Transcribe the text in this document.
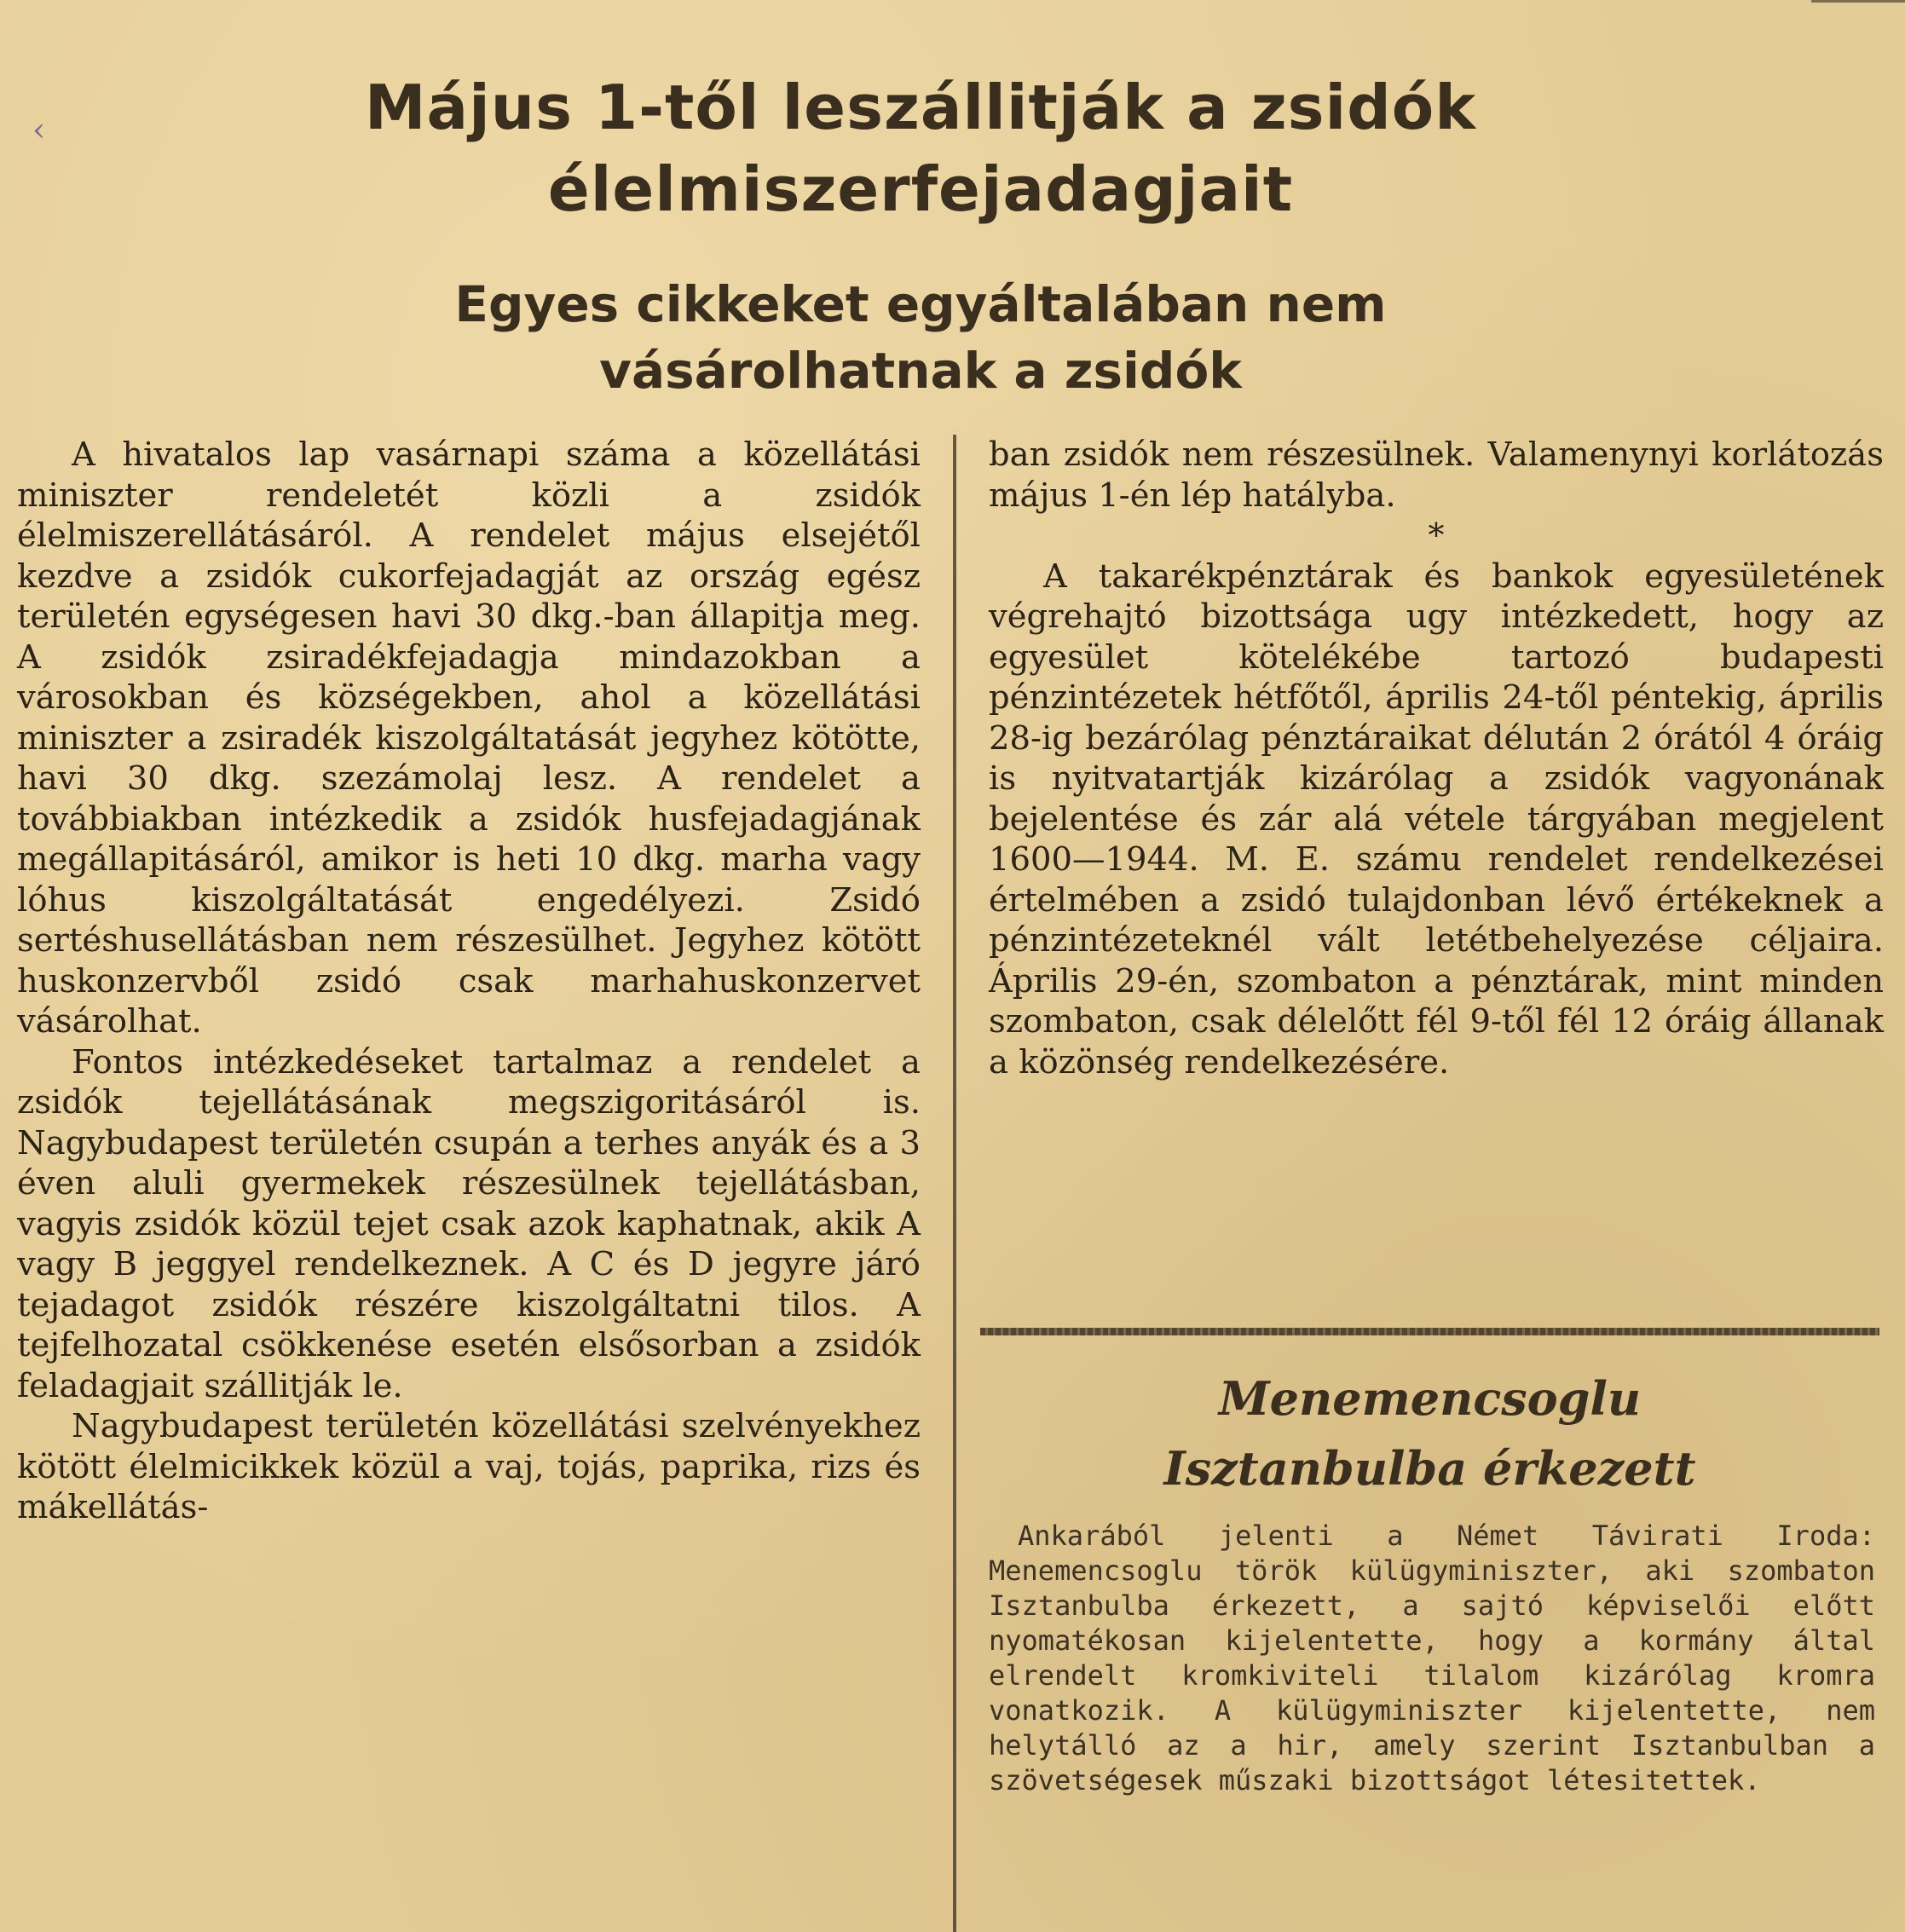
‹	Május 1-től leszállitják a zsidók
élelmiszerfejadagjait
Egyes cikkeket egyáltalában nem
vásárolhatnak a zsidók

A hivatalos lap vasárnapi száma a közellátási miniszter rendeletét közli a zsidók élelmiszerellátásáról. A rendelet május elsejétől kezdve a zsidók cukorfejadagját az ország egész területén egységesen havi 30 dkg.-ban állapitja meg. A zsidók zsiradékfejadagja mindazokban a városokban és községekben, ahol a közellátási miniszter a zsiradék kiszolgáltatását jegyhez kötötte, havi 30 dkg. szezámolaj lesz. A rendelet a továbbiakban intézkedik a zsidók husfejadagjának megállapitásáról, amikor is heti 10 dkg. marha vagy lóhus kiszolgáltatását engedélyezi. Zsidó sertéshusellátásban nem részesülhet. Jegyhez kötött huskonzervből zsidó csak marhahuskonzervet vásárolhat.

Fontos intézkedéseket tartalmaz a rendelet a zsidók tejellátásának megszigoritásáról is. Nagybudapest területén csupán a terhes anyák és a 3 éven aluli gyermekek részesülnek tejellátásban, vagyis zsidók közül tejet csak azok kaphatnak, akik A vagy B jeggyel rendelkeznek. A C és D jegyre járó tejadagot zsidók részére kiszolgáltatni tilos. A tejfelhozatal csökkenése esetén elsősorban a zsidók feladagjait szállitják le.

Nagybudapest területén közellátási szelvényekhez kötött élelmicikkek közül a vaj, tojás, paprika, rizs és mákellátás-

ban zsidók nem részesülnek. Valamenynyi korlátozás május 1-én lép hatályba.

*

A takarékpénztárak és bankok egyesületének végrehajtó bizottsága ugy intézkedett, hogy az egyesület kötelékébe tartozó budapesti pénzintézetek hétfőtől, április 24-től péntekig, április 28-ig bezárólag pénztáraikat délután 2 órától 4 óráig is nyitvatartják kizárólag a zsidók vagyonának bejelentése és zár alá vétele tárgyában megjelent 1600—1944. M. E. számu rendelet rendelkezései értelmében a zsidó tulajdonban lévő értékeknek a pénzintézeteknél vált letétbehelyezése céljaira. Április 29-én, szombaton a pénztárak, mint minden szombaton, csak délelőtt fél 9-től fél 12 óráig állanak a közönség rendelkezésére.

Menemencsoglu
Isztanbulba érkezett

Ankarából jelenti a Német Távirati Iroda: Menemencsoglu török külügyminiszter, aki szombaton Isztanbulba érkezett, a sajtó képviselői előtt nyomatékosan kijelentette, hogy a kormány által elrendelt kromkiviteli tilalom kizárólag kromra vonatkozik. A külügyminiszter kijelentette, nem helytálló az a hir, amely szerint Isztanbulban a szövetségesek műszaki bizottságot létesitettek.
